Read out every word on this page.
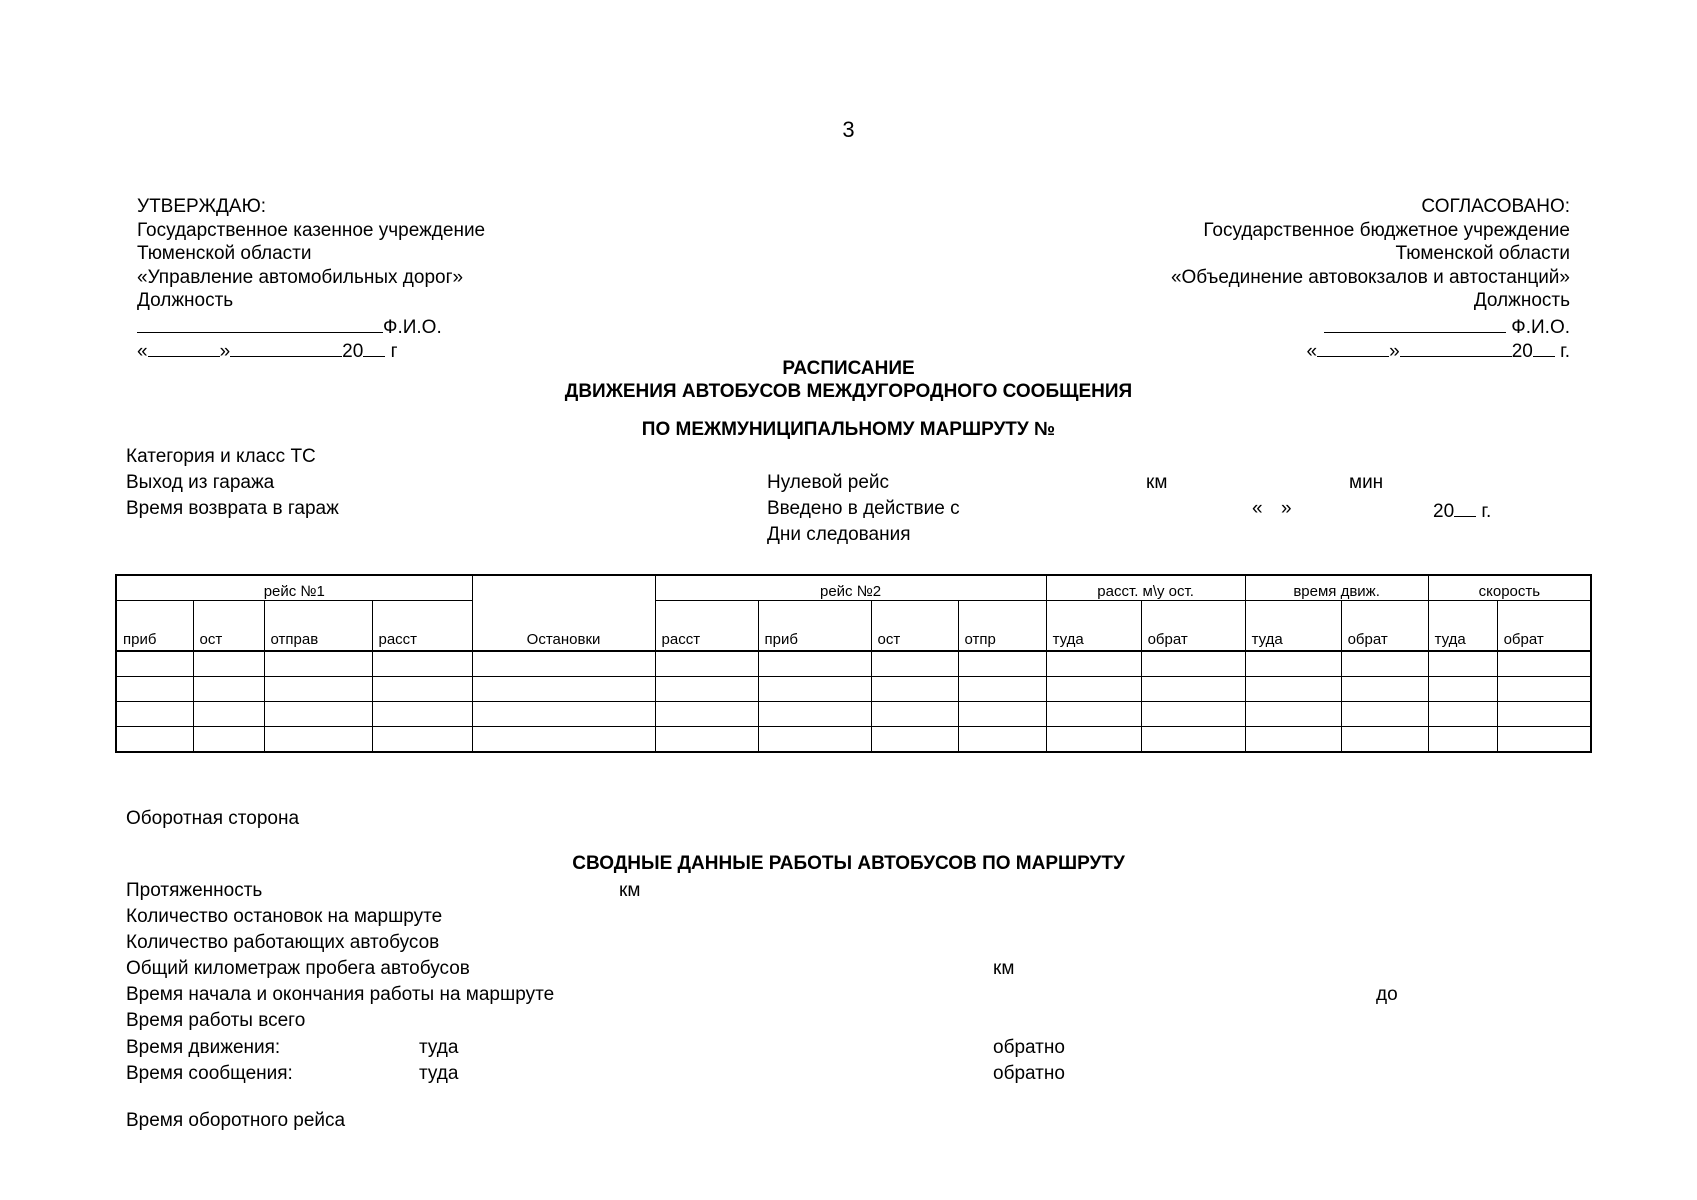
3
УТВЕРЖДАЮ:
Государственное казенное учреждение
Тюменской области
«Управление автомобильных дорог»
Должность
Ф.И.О.
«	»	20 г
СОГЛАСОВАНО:
Государственное бюджетное учреждение
Тюменской области
«Объединение автовокзалов и автостанций»
Должность
Ф.И.О.
«	»	20 г.
РАСПИСАНИЕ
ДВИЖЕНИЯ АВТОБУСОВ МЕЖДУГОРОДНОГО СООБЩЕНИЯ
ПО МЕЖМУНИЦИПАЛЬНОМУ МАРШРУТУ №
Категория и класс ТС
Выход из гаража
Время возврата в гараж
Нулевой рейс	км	мин
Введено в действие с	« »	20 г.
Дни следования
рейс №1					рейс №2				расст. м\у ост.		время движ.		скорость	
приб	ост	отправ	расст	Остановки	расст	приб	ост	отпр	туда	обрат	туда	обрат	туда	обрат

Оборотная сторона
СВОДНЫЕ ДАННЫЕ РАБОТЫ АВТОБУСОВ ПО МАРШРУТУ
Протяженность	км
Количество остановок на маршруте
Количество работающих автобусов
Общий километраж пробега автобусов	км
Время начала и окончания работы на маршруте	до
Время работы всего
Время движения:	туда	обратно
Время сообщения:	туда	обратно
Время оборотного рейса
